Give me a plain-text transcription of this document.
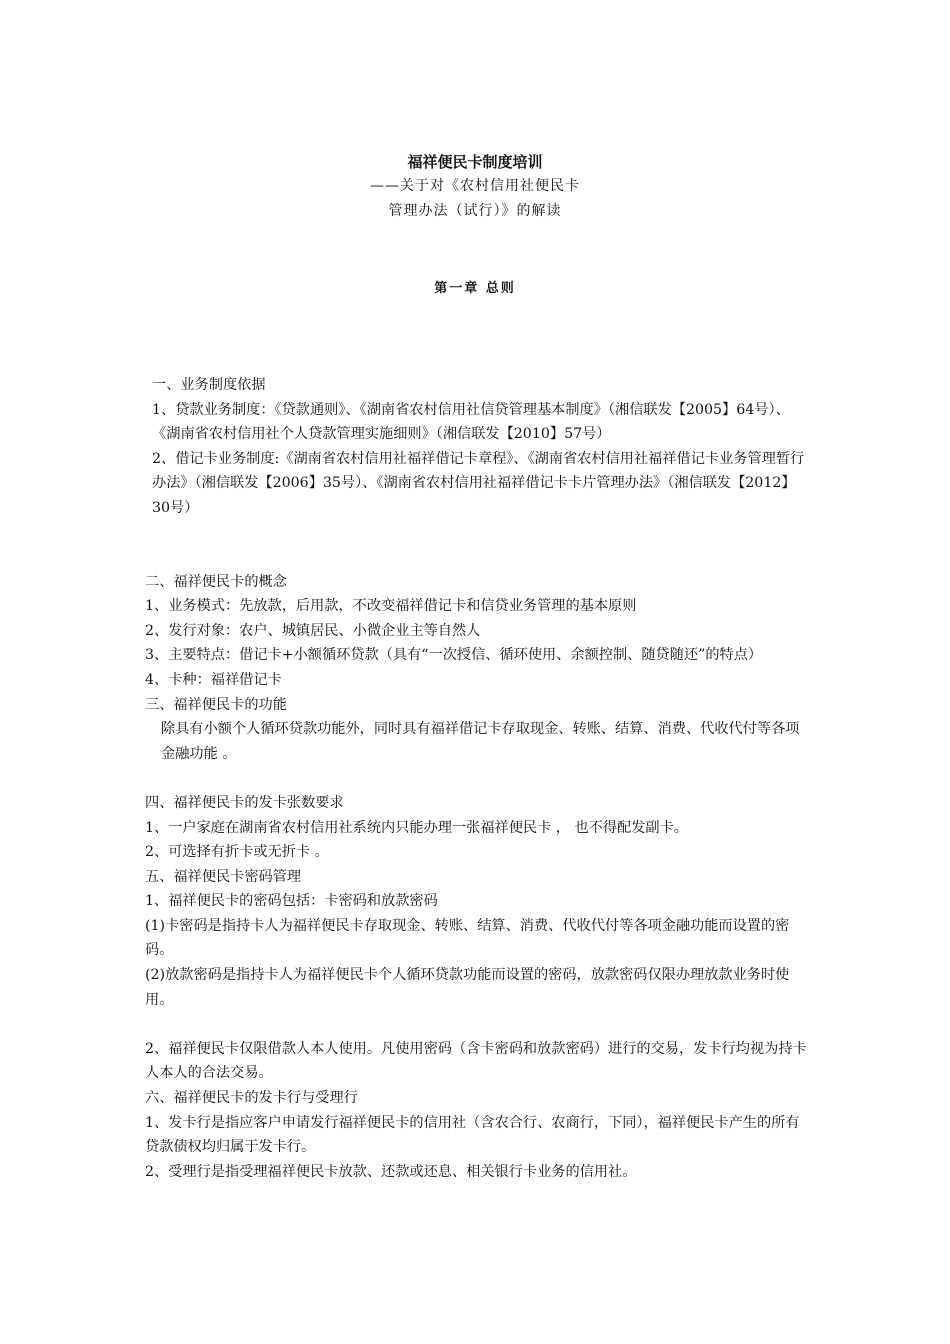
福祥便民卡制度培训
——关于对《农村信用社便民卡
管理办法（试行）》的解读
第一章 总则

一、业务制度依据

1、贷款业务制度：《贷款通则》、《湖南省农村信用社信贷管理基本制度》（湘信联发【2005】64号）、《湖南省农村信用社个人贷款管理实施细则》（湘信联发【2010】57号）

2、借记卡业务制度:《湖南省农村信用社福祥借记卡章程》、《湖南省农村信用社福祥借记卡业务管理暂行办法》（湘信联发【2006】35号）、《湖南省农村信用社福祥借记卡卡片管理办法》（湘信联发【2012】30号）

二、福祥便民卡的概念

1、业务模式：先放款，后用款，不改变福祥借记卡和信贷业务管理的基本原则

2、发行对象：农户、城镇居民、小微企业主等自然人

3、主要特点：借记卡+小额循环贷款（具有“一次授信、循环使用、余额控制、随贷随还”的特点）

4、卡种：福祥借记卡

三、福祥便民卡的功能

除具有小额个人循环贷款功能外，同时具有福祥借记卡存取现金、转账、结算、消费、代收代付等各项金融功能 。

四、福祥便民卡的发卡张数要求

1、一户家庭在湖南省农村信用社系统内只能办理一张福祥便民卡 ， 也不得配发副卡。

2、可选择有折卡或无折卡 。

五、福祥便民卡密码管理

1、福祥便民卡的密码包括：卡密码和放款密码

(1)卡密码是指持卡人为福祥便民卡存取现金、转账、结算、消费、代收代付等各项金融功能而设置的密码。

(2)放款密码是指持卡人为福祥便民卡个人循环贷款功能而设置的密码，放款密码仅限办理放款业务时使用。

2、福祥便民卡仅限借款人本人使用。凡使用密码（含卡密码和放款密码）进行的交易，发卡行均视为持卡人本人的合法交易。

六、福祥便民卡的发卡行与受理行

1、发卡行是指应客户申请发行福祥便民卡的信用社（含农合行、农商行，下同），福祥便民卡产生的所有贷款债权均归属于发卡行。

2、受理行是指受理福祥便民卡放款、还款或还息、相关银行卡业务的信用社。
